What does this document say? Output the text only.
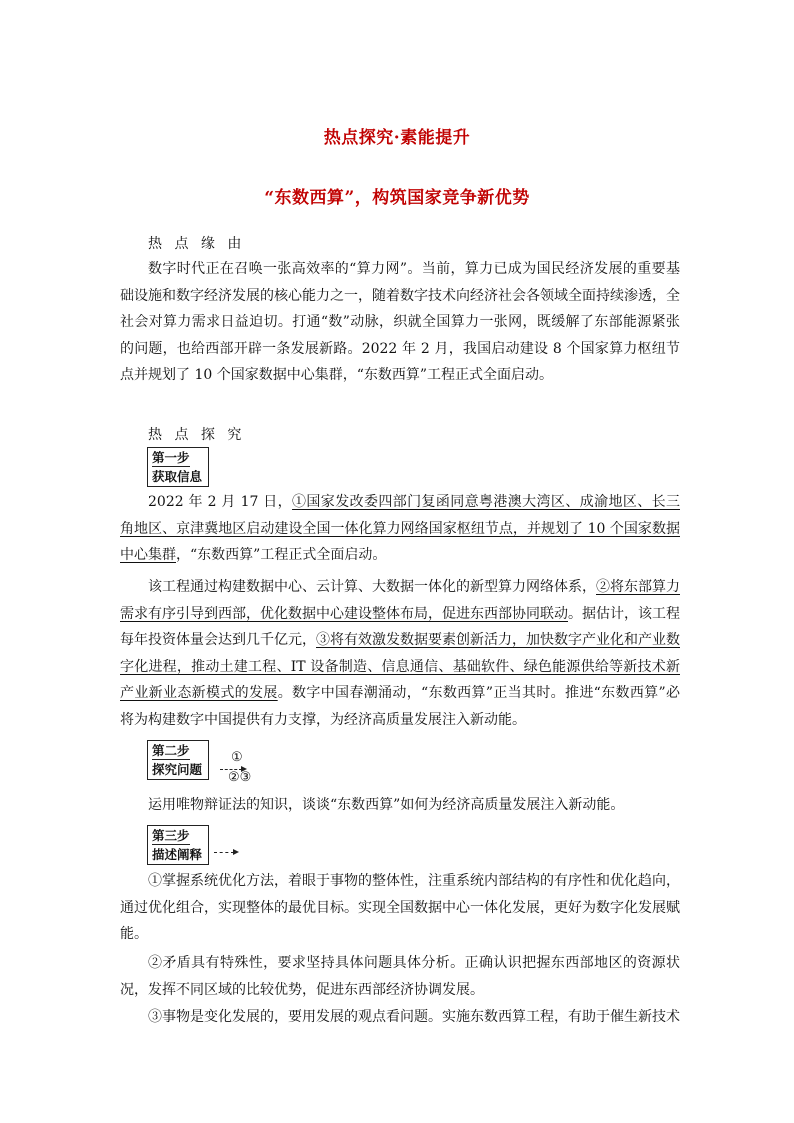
热点探究·素能提升
“东数西算”，构筑国家竞争新优势
热 点 缘 由

数字时代正在召唤一张高效率的“算力网”。当前，算力已成为国民经济发展的重要基础设施和数字经济发展的核心能力之一，随着数字技术向经济社会各领域全面持续渗透，全社会对算力需求日益迫切。打通“数”动脉，织就全国算力一张网，既缓解了东部能源紧张的问题，也给西部开辟一条发展新路。2022 年 2 月，我国启动建设 8 个国家算力枢纽节点并规划了 10 个国家数据中心集群，“东数西算”工程正式全面启动。

热 点 探 究
第一步
获取信息

2022 年 2 月 17 日，①国家发改委四部门复函同意粤港澳大湾区、成渝地区、长三角地区、京津冀地区启动建设全国一体化算力网络国家枢纽节点，并规划了 10 个国家数据中心集群，“东数西算”工程正式全面启动。

该工程通过构建数据中心、云计算、大数据一体化的新型算力网络体系，②将东部算力需求有序引导到西部，优化数据中心建设整体布局，促进东西部协同联动。据估计，该工程每年投资体量会达到几千亿元，③将有效激发数据要素创新活力，加快数字产业化和产业数字化进程，推动土建工程、IT 设备制造、信息通信、基础软件、绿色能源供给等新技术新产业新业态新模式的发展。数字中国春潮涌动，“东数西算”正当其时。推进“东数西算”必将为构建数字中国提供有力支撑，为经济高质量发展注入新动能。

第二步
探究问题
①
②③

运用唯物辩证法的知识，谈谈“东数西算”如何为经济高质量发展注入新动能。

第三步
描述阐释

①掌握系统优化方法，着眼于事物的整体性，注重系统内部结构的有序性和优化趋向，通过优化组合，实现整体的最优目标。实现全国数据中心一体化发展，更好为数字化发展赋能。

②矛盾具有特殊性，要求坚持具体问题具体分析。正确认识把握东西部地区的资源状况，发挥不同区域的比较优势，促进东西部经济协调发展。

③事物是变化发展的，要用发展的观点看问题。实施东数西算工程，有助于催生新技术
